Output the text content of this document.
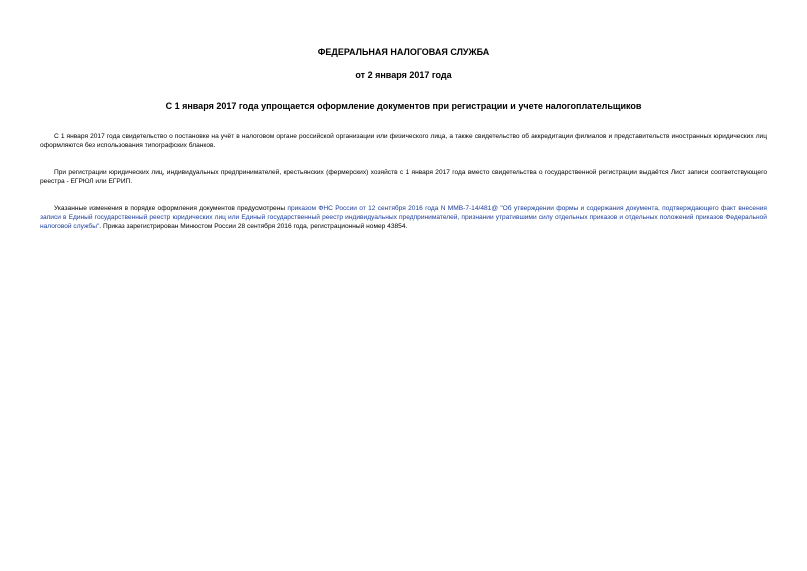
ФЕДЕРАЛЬНАЯ НАЛОГОВАЯ СЛУЖБА
от 2 января 2017 года
С 1 января 2017 года упрощается оформление документов при регистрации и учете налогоплательщиков

С 1 января 2017 года свидетельство о постановке на учёт в налоговом органе российской организации или физического лица, а также свидетельство об аккредитации филиалов и представительств иностранных юридических лиц оформляются без использования типографских бланков.

При регистрации юридических лиц, индивидуальных предпринимателей, крестьянских (фермерских) хозяйств с 1 января 2017 года вместо свидетельства о государственной регистрации выдаётся Лист записи соответствующего реестра - ЕГРЮЛ или ЕГРИП.

Указанные изменения в порядке оформления документов предусмотрены приказом ФНС России от 12 сентября 2016 года N ММВ-7-14/481@ "Об утверждении формы и содержания документа, подтверждающего факт внесения записи в Единый государственный реестр юридических лиц или Единый государственный реестр индивидуальных предпринимателей, признании утратившими силу отдельных приказов и отдельных положений приказов Федеральной налоговой службы". Приказ зарегистрирован Минюстом России 28 сентября 2016 года, регистрационный номер 43854.
